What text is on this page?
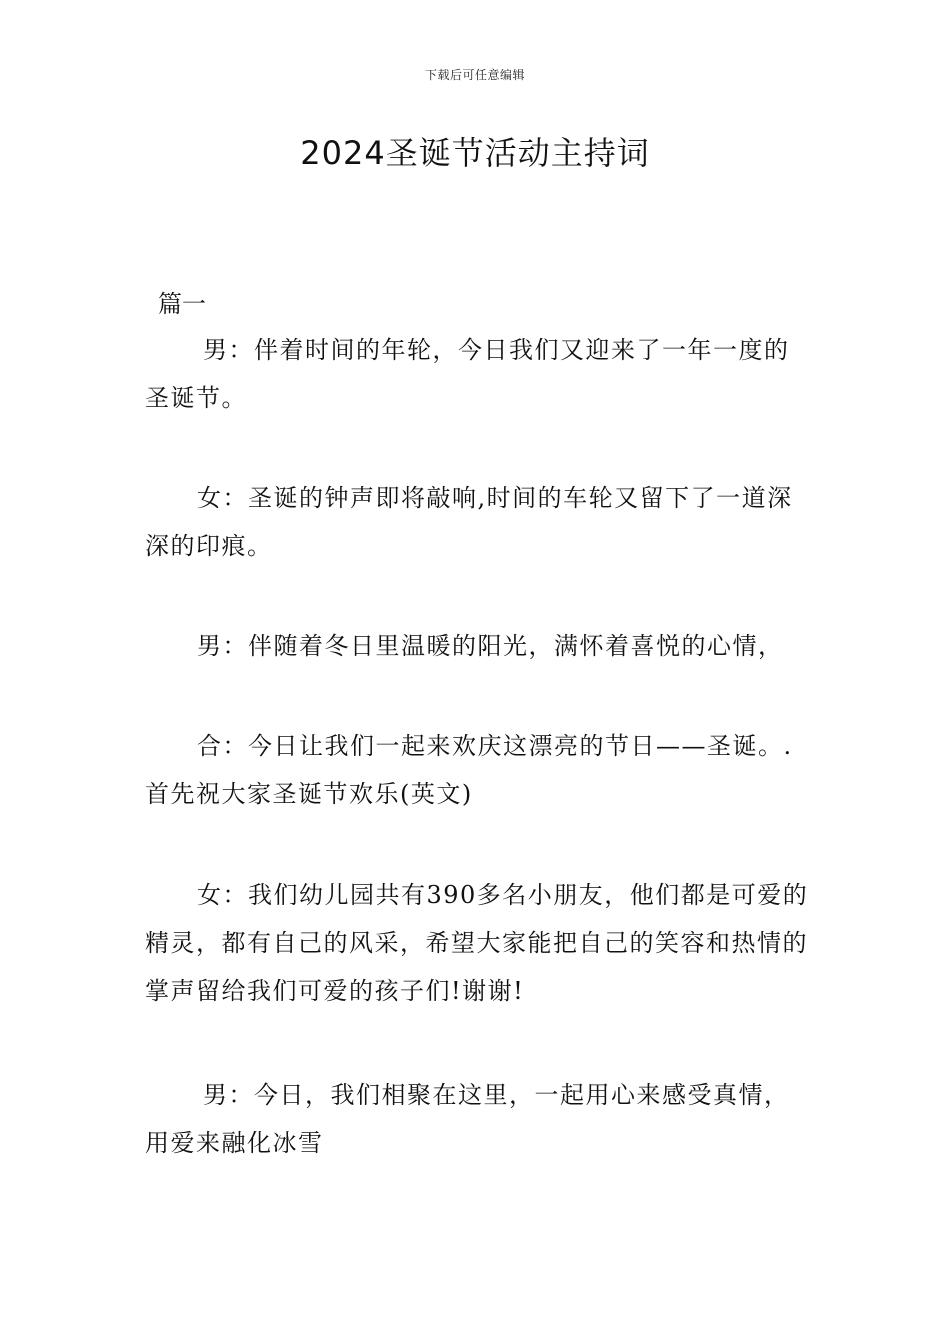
下载后可任意编辑
2024圣诞节活动主持词
篇一
男：伴着时间的年轮，今日我们又迎来了一年一度的圣诞节。
女：圣诞的钟声即将敲响,时间的车轮又留下了一道深深的印痕。
男：伴随着冬日里温暖的阳光，满怀着喜悦的心情，
合：今日让我们一起来欢庆这漂亮的节日——圣诞。.首先祝大家圣诞节欢乐(英文)
女：我们幼儿园共有390多名小朋友，他们都是可爱的精灵，都有自己的风采，希望大家能把自己的笑容和热情的掌声留给我们可爱的孩子们!谢谢!
男：今日，我们相聚在这里，一起用心来感受真情，用爱来融化冰雪
